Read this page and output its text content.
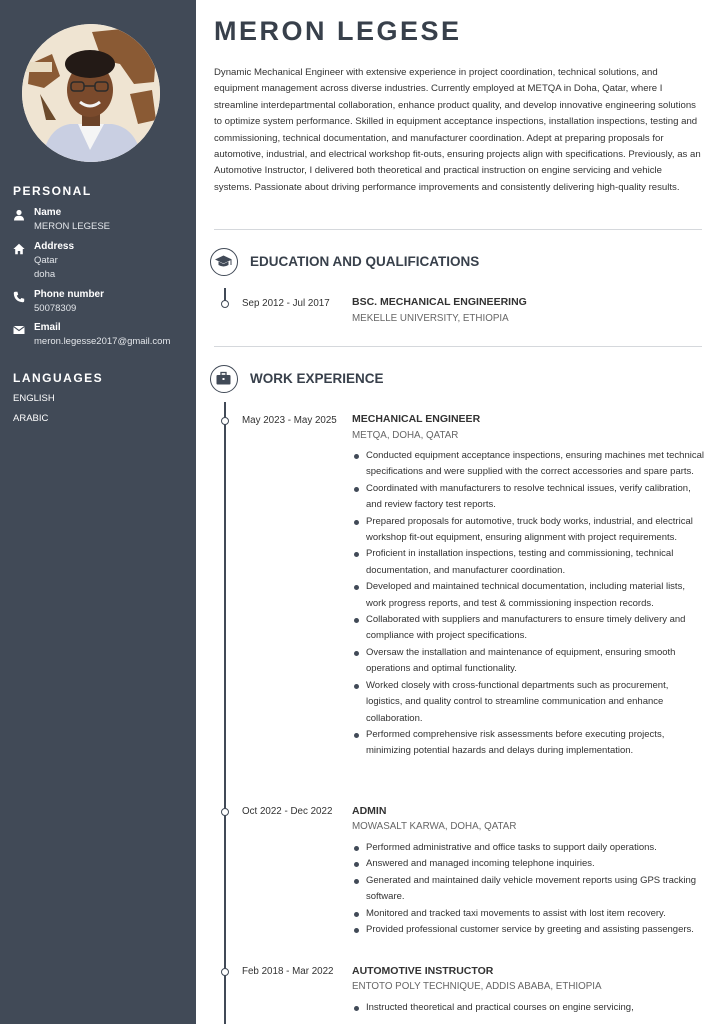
PERSONAL
Name
MERON LEGESE
Address
Qatar
doha
Phone number
50078309
Email
meron.legesse2017@gmail.com
LANGUAGES
ENGLISH
ARABIC
MERON LEGESE
Dynamic Mechanical Engineer with extensive experience in project coordination, technical solutions, and equipment management across diverse industries. Currently employed at METQA in Doha, Qatar, where I streamline interdepartmental collaboration, enhance product quality, and develop innovative engineering solutions to optimize system performance. Skilled in equipment acceptance inspections, installation inspections, testing and commissioning, technical documentation, and manufacturer coordination. Adept at preparing proposals for automotive, industrial, and electrical workshop fit-outs, ensuring projects align with specifications. Previously, as an Automotive Instructor, I delivered both theoretical and practical instruction on engine servicing and vehicle systems. Passionate about driving performance improvements and consistently delivering high-quality results.
EDUCATION AND QUALIFICATIONS
Sep 2012 - Jul 2017 BSC. MECHANICAL ENGINEERING
MEKELLE UNIVERSITY, ETHIOPIA
WORK EXPERIENCE
May 2023 - May 2025 MECHANICAL ENGINEER
METQA, DOHA, QATAR
Conducted equipment acceptance inspections, ensuring machines met technical specifications and were supplied with the correct accessories and spare parts.
Coordinated with manufacturers to resolve technical issues, verify calibration, and review factory test reports.
Prepared proposals for automotive, truck body works, industrial, and electrical workshop fit-out equipment, ensuring alignment with project requirements.
Proficient in installation inspections, testing and commissioning, technical documentation, and manufacturer coordination.
Developed and maintained technical documentation, including material lists, work progress reports, and test & commissioning inspection records.
Collaborated with suppliers and manufacturers to ensure timely delivery and compliance with project specifications.
Oversaw the installation and maintenance of equipment, ensuring smooth operations and optimal functionality.
Worked closely with cross-functional departments such as procurement, logistics, and quality control to streamline communication and enhance collaboration.
Performed comprehensive risk assessments before executing projects, minimizing potential hazards and delays during implementation.
Oct 2022 - Dec 2022 ADMIN
MOWASALT KARWA, DOHA, QATAR
Performed administrative and office tasks to support daily operations.
Answered and managed incoming telephone inquiries.
Generated and maintained daily vehicle movement reports using GPS tracking software.
Monitored and tracked taxi movements to assist with lost item recovery.
Provided professional customer service by greeting and assisting passengers.
Feb 2018 - Mar 2022 AUTOMOTIVE INSTRUCTOR
ENTOTO POLY TECHNIQUE, ADDIS ABABA, ETHIOPIA
Instructed theoretical and practical courses on engine servicing,
